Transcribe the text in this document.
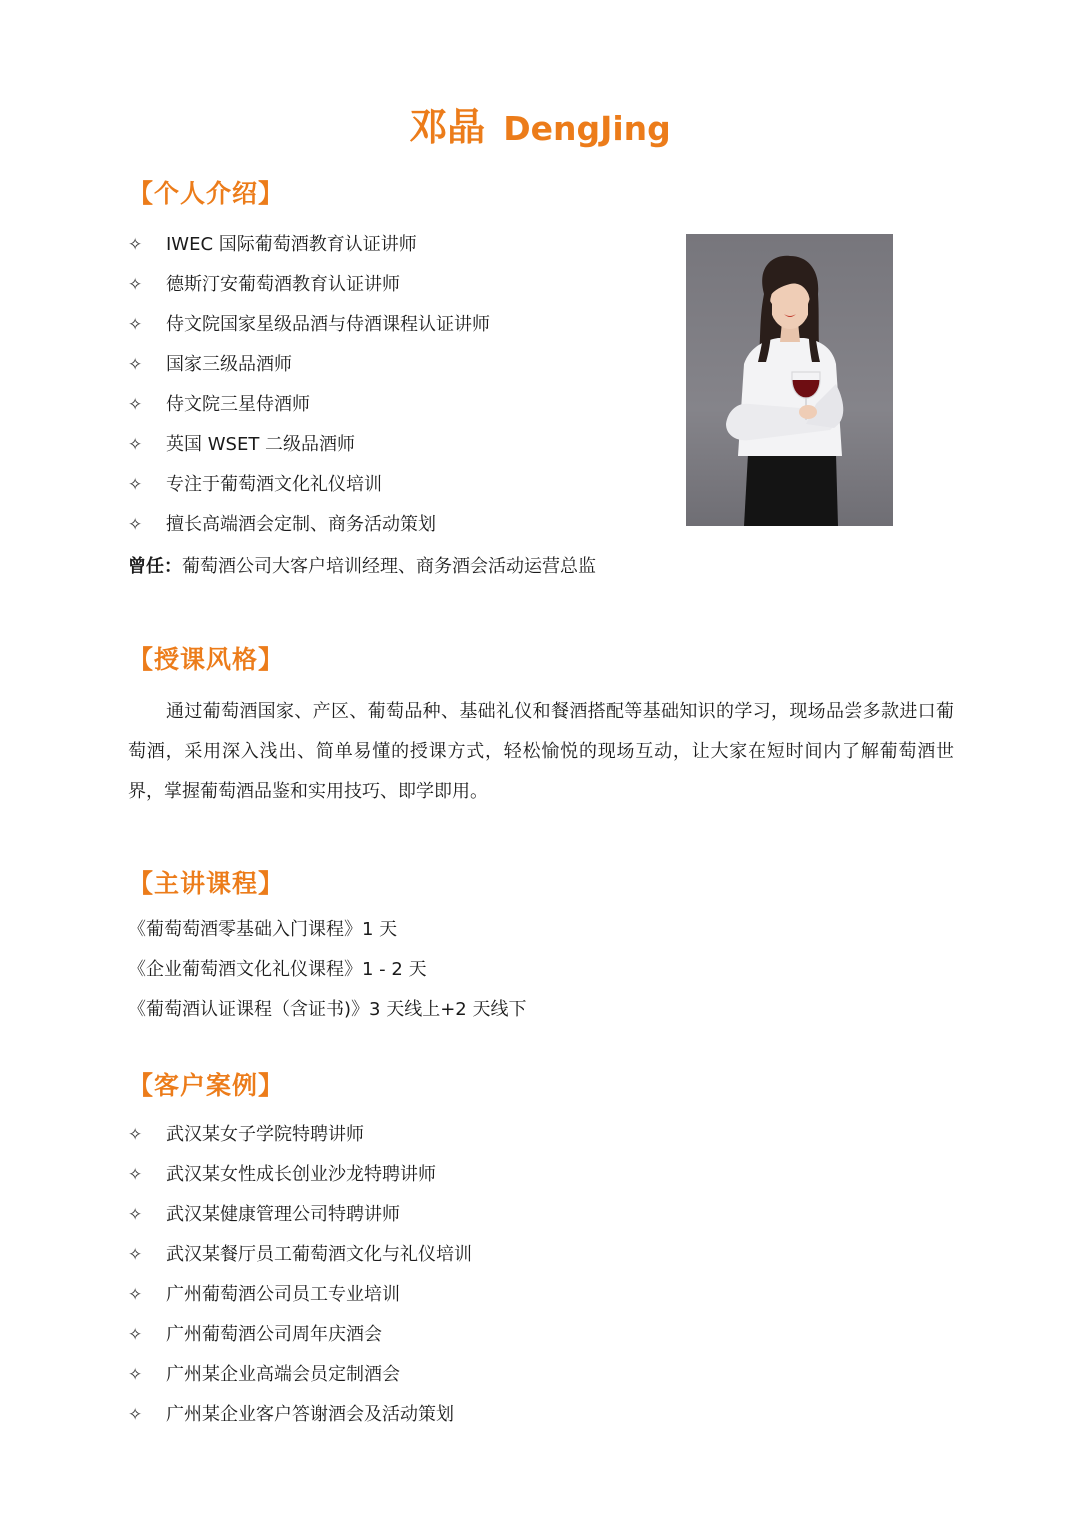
邓晶 DengJing
【个人介绍】
✧	IWEC 国际葡萄酒教育认证讲师
✧	德斯汀安葡萄酒教育认证讲师
✧	侍文院国家星级品酒与侍酒课程认证讲师
✧	国家三级品酒师
✧	侍文院三星侍酒师
✧	英国 WSET 二级品酒师
✧	专注于葡萄酒文化礼仪培训
✧	擅长高端酒会定制、商务活动策划
曾任：葡萄酒公司大客户培训经理、商务酒会活动运营总监
【授课风格】

通过葡萄酒国家、产区、葡萄品种、基础礼仪和餐酒搭配等基础知识的学习，现场品尝多款进口葡萄酒，采用深入浅出、简单易懂的授课方式，轻松愉悦的现场互动，让大家在短时间内了解葡萄酒世界，掌握葡萄酒品鉴和实用技巧、即学即用。

【主讲课程】
《葡萄萄酒零基础入门课程》1 天
《企业葡萄酒文化礼仪课程》1 - 2 天
《葡萄酒认证课程（含证书)》3 天线上+2 天线下
【客户案例】
✧	武汉某女子学院特聘讲师
✧	武汉某女性成长创业沙龙特聘讲师
✧	武汉某健康管理公司特聘讲师
✧	武汉某餐厅员工葡萄酒文化与礼仪培训
✧	广州葡萄酒公司员工专业培训
✧	广州葡萄酒公司周年庆酒会
✧	广州某企业高端会员定制酒会
✧	广州某企业客户答谢酒会及活动策划
